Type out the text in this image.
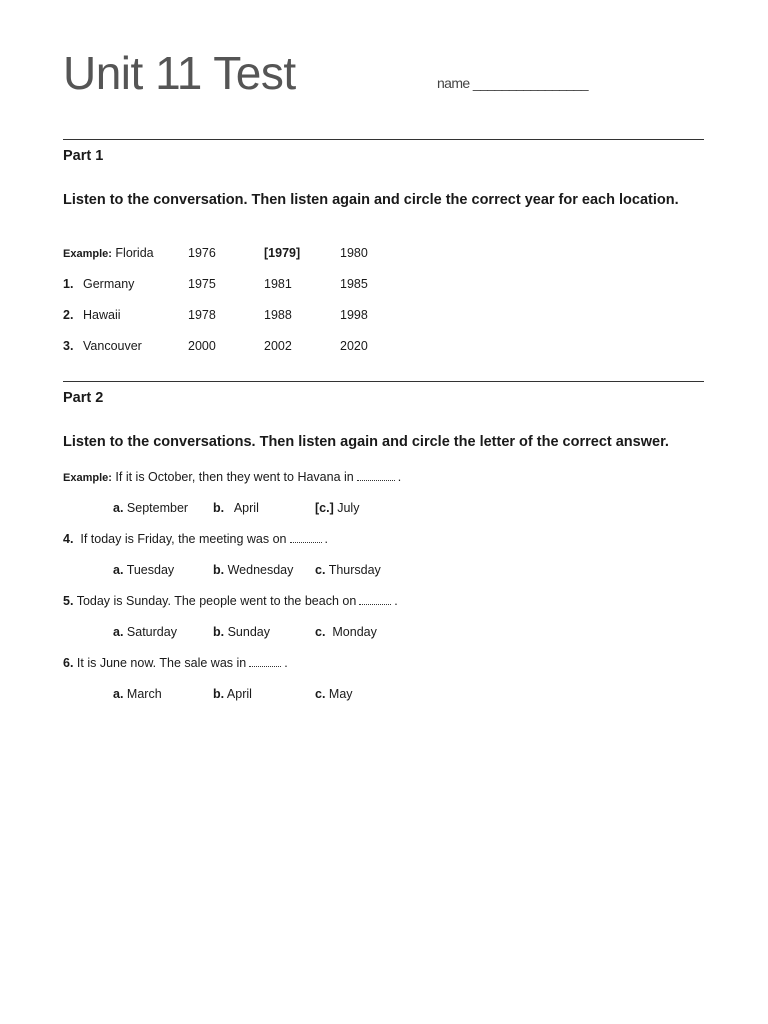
Unit 11 Test	name ________________
Part 1
Listen to the conversation. Then listen again and circle the correct year for each location.
Example: Florida	1976	[1979]	1980
1. Germany	1975	1981	1985
2. Hawaii	1978	1988	1998
3. Vancouver	2000	2002	2020
Part 2
Listen to the conversations. Then listen again and circle the letter of the correct answer.
Example: If it is October, then they went to Havana in	.
a. September b. April	[c.] July
4. If today is Friday, the meeting was on	.
a. Tuesday	b. Wednesday c. Thursday
5. Today is Sunday. The people went to the beach on	.
a. Saturday	b. Sunday	c. Monday
6. It is June now. The sale was in	.
a. March	b. April	c. May
